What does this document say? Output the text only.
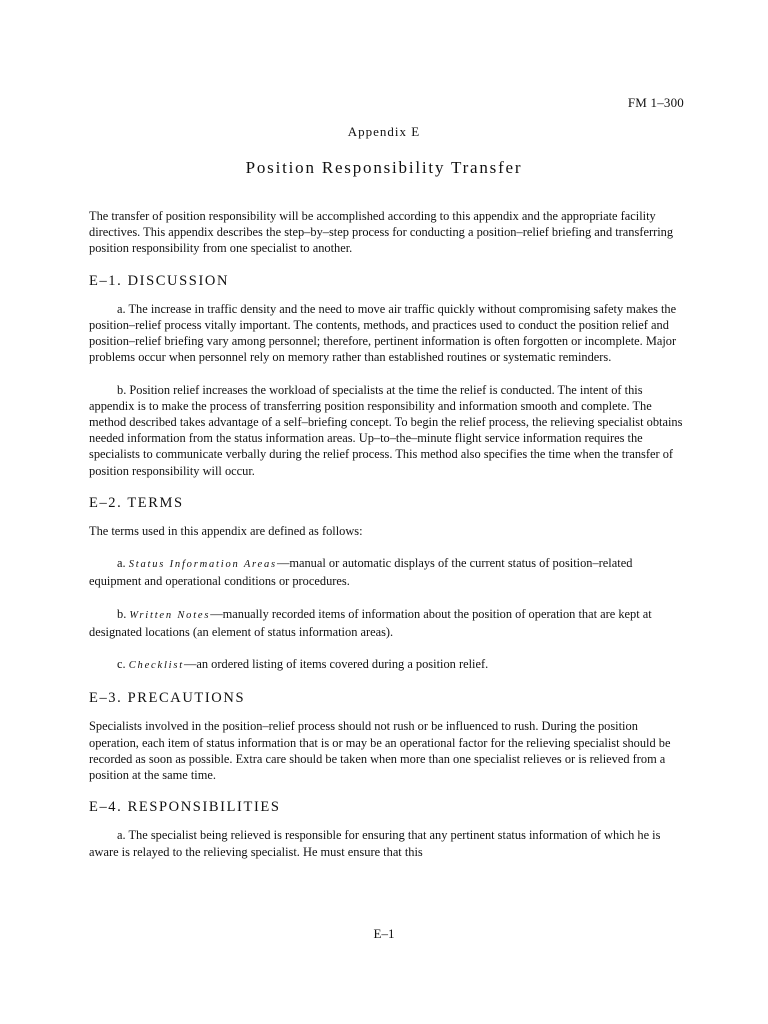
FM 1–300
Appendix E
Position Responsibility Transfer

The transfer of position responsibility will be accomplished according to this appendix and the appropriate facility directives. This appendix describes the step–by–step process for conducting a position–relief briefing and transferring position responsibility from one specialist to another.

E–1. DISCUSSION

a. The increase in traffic density and the need to move air traffic quickly without compromising safety makes the position–relief process vitally important. The contents, methods, and practices used to conduct the position relief and position–relief briefing vary among personnel; therefore, pertinent information is often forgotten or incomplete. Major problems occur when personnel rely on memory rather than established routines or systematic reminders.

b. Position relief increases the workload of specialists at the time the relief is conducted. The intent of this appendix is to make the process of transferring position responsibility and information smooth and complete. The method described takes advantage of a self–briefing concept. To begin the relief process, the relieving specialist obtains needed information from the status information areas. Up–to–the–minute flight service information requires the specialists to communicate verbally during the relief process. This method also specifies the time when the transfer of position responsibility will occur.

E–2. TERMS

The terms used in this appendix are defined as follows:

a. Status Information Areas—manual or automatic displays of the current status of position–related equipment and operational conditions or procedures.

b. Written Notes—manually recorded items of information about the position of operation that are kept at designated locations (an element of status information areas).

c. Checklist—an ordered listing of items covered during a position relief.

E–3. PRECAUTIONS

Specialists involved in the position–relief process should not rush or be influenced to rush. During the position operation, each item of status information that is or may be an operational factor for the relieving specialist should be recorded as soon as possible. Extra care should be taken when more than one specialist relieves or is relieved from a position at the same time.

E–4. RESPONSIBILITIES

a. The specialist being relieved is responsible for ensuring that any pertinent status information of which he is aware is relayed to the relieving specialist. He must ensure that this

E–1
